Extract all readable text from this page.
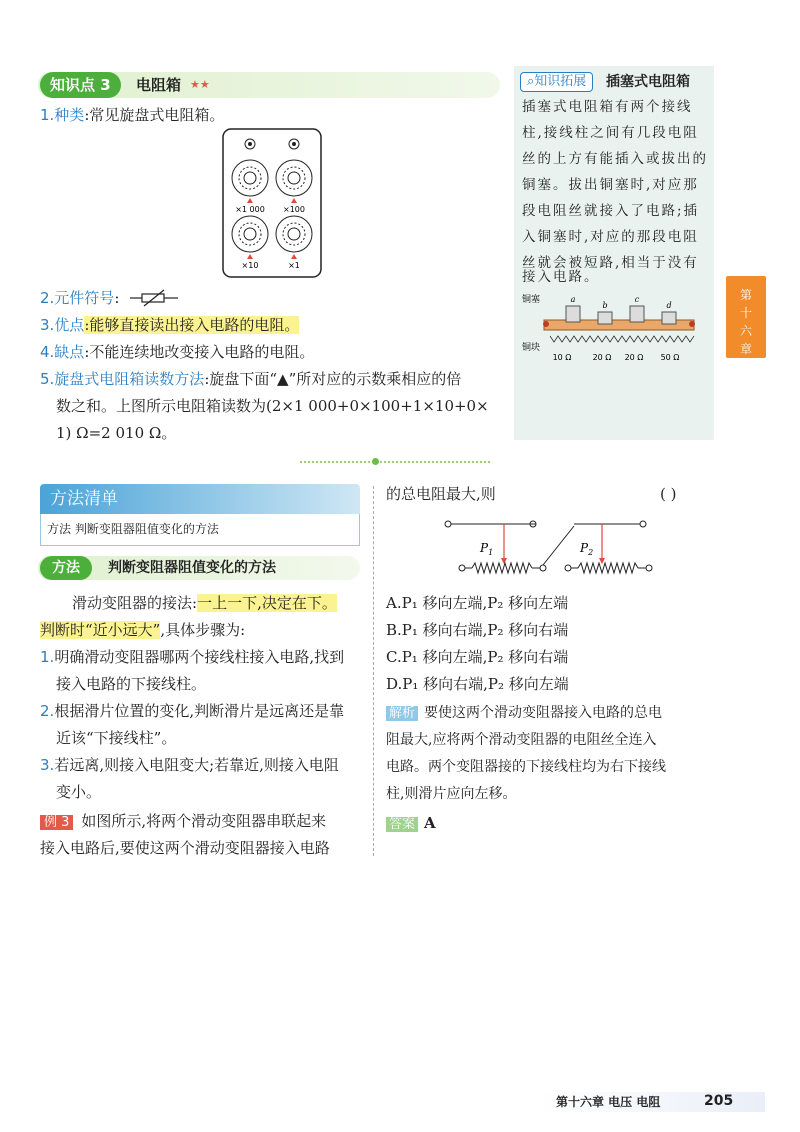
知识点 3	电阻箱 ★★
1.种类:常见旋盘式电阻箱。
×1 000 ×100
×10	×1
2.元件符号:
3.优点:能够直接读出接入电路的电阻。
4.缺点:不能连续地改变接入电路的电阻。
5.旋盘式电阻箱读数方法:旋盘下面“▲”所对应的示数乘相应的倍
数之和。上图所示电阻箱读数为(2×1 000+0×100+1×10+0×
1) Ω=2 010 Ω。
⌕知识拓展	插塞式电阻箱
插塞式电阻箱有两个接线
柱,接线柱之间有几段电阻
丝的上方有能插入或拔出的
铜塞。拔出铜塞时,对应那
段电阻丝就接入了电路;插
入铜塞时,对应的那段电阻
丝就会被短路,相当于没有
接入电路。
铜塞
铜块
a
b
c
d
10 Ω	20 Ω 20 Ω 50 Ω
第
十
六
章
方法清单
方法 判断变阻器阻值变化的方法
方法	判断变阻器阻值变化的方法
滑动变阻器的接法:一上一下,决定在下。
判断时“近小远大”,具体步骤为:
1.明确滑动变阻器哪两个接线柱接入电路,找到
接入电路的下接线柱。
2.根据滑片位置的变化,判断滑片是远离还是靠
近该“下接线柱”。
3.若远离,则接入电阻变大;若靠近,则接入电阻
变小。
例 3 如图所示,将两个滑动变阻器串联起来
接入电路后,要使这两个滑动变阻器接入电路
的总电阻最大,则	( )
$P_1$	$P_2$
A.P₁ 移向左端,P₂ 移向左端
B.P₁ 移向右端,P₂ 移向右端
C.P₁ 移向左端,P₂ 移向右端
D.P₁ 移向右端,P₂ 移向左端
解析 要使这两个滑动变阻器接入电路的总电
阻最大,应将两个滑动变阻器的电阻丝全连入
电路。两个变阻器接的下接线柱均为右下接线
柱,则滑片应向左移。
答案 A
第十六章 电压 电阻	205
